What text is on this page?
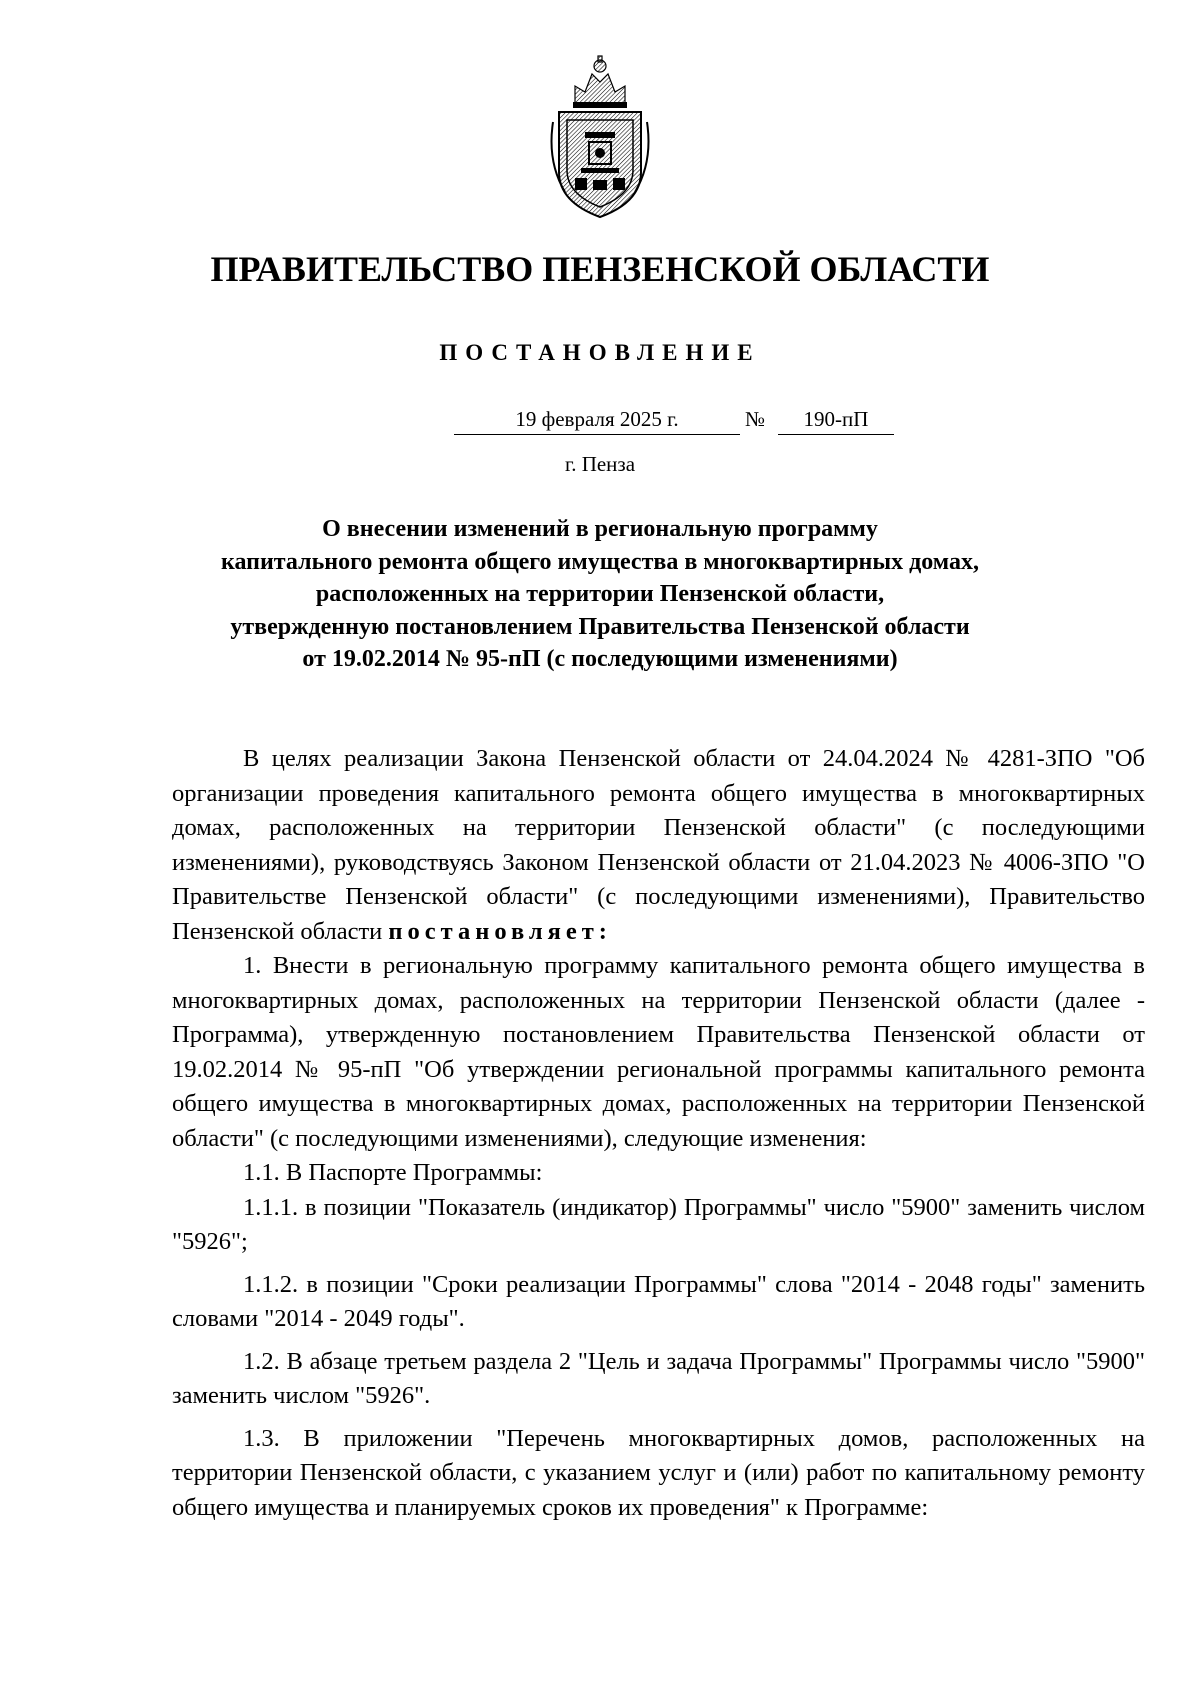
ПРАВИТЕЛЬСТВО ПЕНЗЕНСКОЙ ОБЛАСТИ
ПОСТАНОВЛЕНИЕ
19 февраля 2025 г.	№	190-пП
г. Пенза
О внесении изменений в региональную программу
капитального ремонта общего имущества в многоквартирных домах,
расположенных на территории Пензенской области,
утвержденную постановлением Правительства Пензенской области
от 19.02.2014 № 95-пП (с последующими изменениями)

В целях реализации Закона Пензенской области от 24.04.2024 № 4281-ЗПО "Об организации проведения капитального ремонта общего имущества в многоквартирных домах, расположенных на территории Пензенской области" (с последующими изменениями), руководствуясь Законом Пензенской области от 21.04.2023 № 4006-ЗПО "О Правительстве Пензенской области" (с последующими изменениями), Правительство Пензенской области постановляет:

1. Внести в региональную программу капитального ремонта общего имущества в многоквартирных домах, расположенных на территории Пензенской области (далее - Программа), утвержденную постановлением Правительства Пензенской области от 19.02.2014 № 95-пП "Об утверждении региональной программы капитального ремонта общего имущества в многоквартирных домах, расположенных на территории Пензенской области" (с последующими изменениями), следующие изменения:

1.1. В Паспорте Программы:

1.1.1. в позиции "Показатель (индикатор) Программы" число "5900" заменить числом "5926";

1.1.2. в позиции "Сроки реализации Программы" слова "2014 - 2048 годы" заменить словами "2014 - 2049 годы".

1.2. В абзаце третьем раздела 2 "Цель и задача Программы" Программы число "5900" заменить числом "5926".

1.3. В приложении "Перечень многоквартирных домов, расположенных на территории Пензенской области, с указанием услуг и (или) работ по капитальному ремонту общего имущества и планируемых сроков их проведения" к Программе:
